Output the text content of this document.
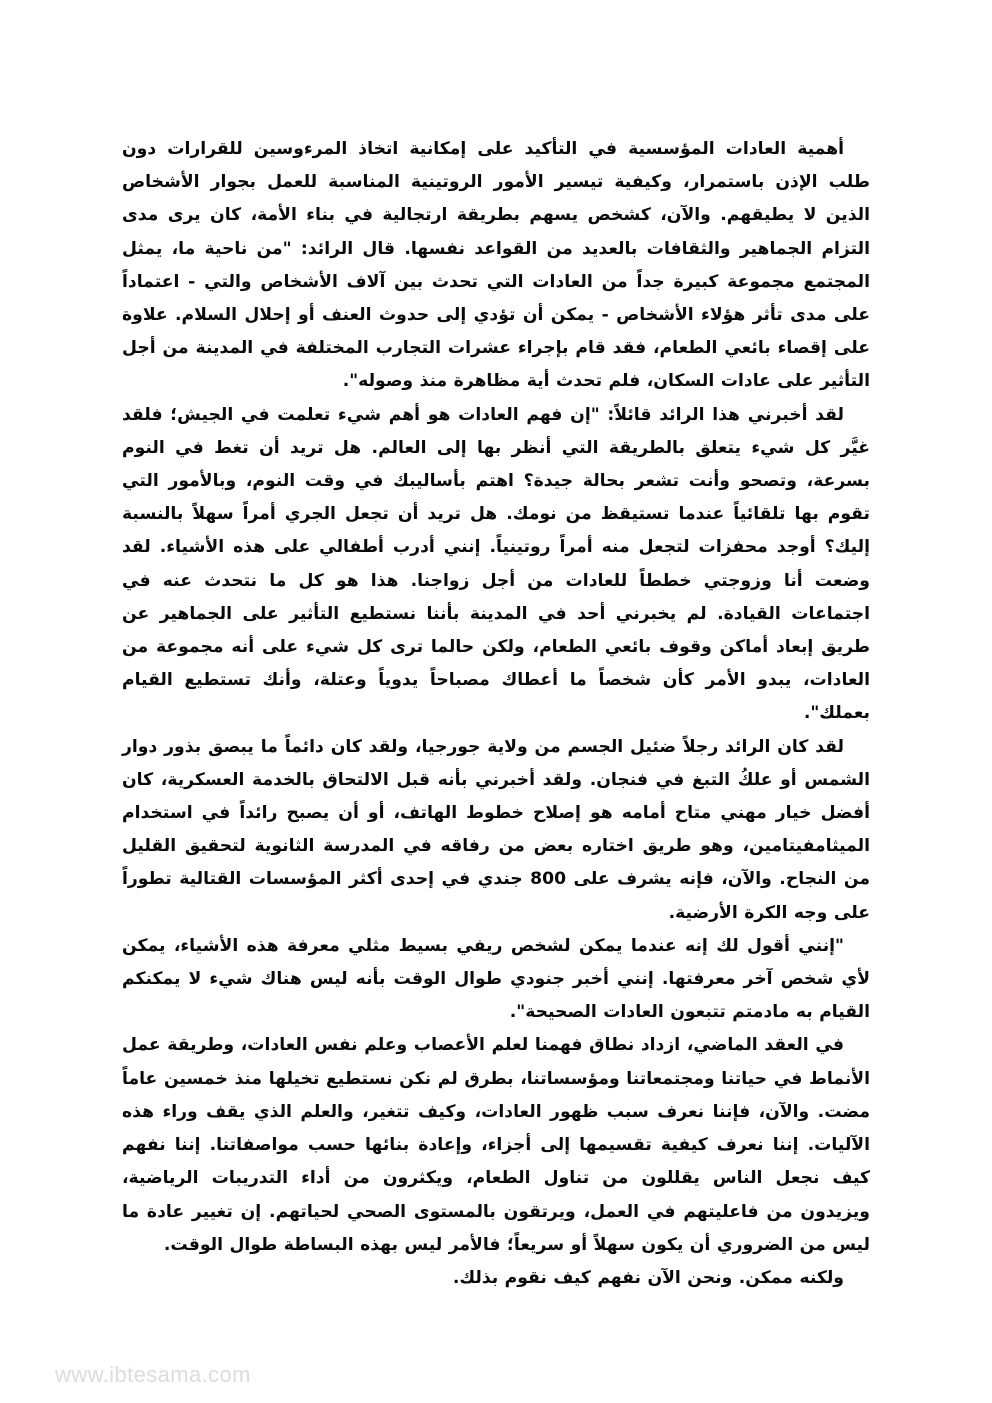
أهمية العادات المؤسسية في التأكيد على إمكانية اتخاذ المرءوسين للقرارات دون طلب الإذن باستمرار، وكيفية تيسير الأمور الروتينية المناسبة للعمل بجوار الأشخاص الذين لا يطيقهم. والآن، كشخص يسهم بطريقة ارتجالية في بناء الأمة، كان يرى مدى التزام الجماهير والثقافات بالعديد من القواعد نفسها. قال الرائد: "من ناحية ما، يمثل المجتمع مجموعة كبيرة جداً من العادات التي تحدث بين آلاف الأشخاص والتي - اعتماداً على مدى تأثر هؤلاء الأشخاص - يمكن أن تؤدي إلى حدوث العنف أو إحلال السلام. علاوة على إقصاء بائعي الطعام، فقد قام بإجراء عشرات التجارب المختلفة في المدينة من أجل التأثير على عادات السكان، فلم تحدث أية مظاهرة منذ وصوله".

لقد أخبرني هذا الرائد قائلاً: "إن فهم العادات هو أهم شيء تعلمت في الجيش؛ فلقد غيَّر كل شيء يتعلق بالطريقة التي أنظر بها إلى العالم. هل تريد أن تغط في النوم بسرعة، وتصحو وأنت تشعر بحالة جيدة؟ اهتم بأساليبك في وقت النوم، وبالأمور التي تقوم بها تلقائياً عندما تستيقظ من نومك. هل تريد أن تجعل الجري أمراً سهلاً بالنسبة إليك؟ أوجد محفزات لتجعل منه أمراً روتينياً. إنني أدرب أطفالي على هذه الأشياء. لقد وضعت أنا وزوجتي خططاً للعادات من أجل زواجنا. هذا هو كل ما نتحدث عنه في اجتماعات القيادة. لم يخبرني أحد في المدينة بأننا نستطيع التأثير على الجماهير عن طريق إبعاد أماكن وقوف بائعي الطعام، ولكن حالما ترى كل شيء على أنه مجموعة من العادات، يبدو الأمر كأن شخصاً ما أعطاك مصباحاً يدوياً وعتلة، وأنك تستطيع القيام بعملك".

لقد كان الرائد رجلاً ضئيل الجسم من ولاية جورجيا، ولقد كان دائماً ما يبصق بذور دوار الشمس أو علكُ التبغ في فنجان. ولقد أخبرني بأنه قبل الالتحاق بالخدمة العسكرية، كان أفضل خيار مهني متاح أمامه هو إصلاح خطوط الهاتف، أو أن يصبح رائداً في استخدام الميثامفيتامين، وهو طريق اختاره بعض من رفاقه في المدرسة الثانوية لتحقيق القليل من النجاح. والآن، فإنه يشرف على 800 جندي في إحدى أكثر المؤسسات القتالية تطوراً على وجه الكرة الأرضية.

"إنني أقول لك إنه عندما يمكن لشخص ريفي بسيط مثلي معرفة هذه الأشياء، يمكن لأي شخص آخر معرفتها. إنني أخبر جنودي طوال الوقت بأنه ليس هناك شيء لا يمكنكم القيام به مادمتم تتبعون العادات الصحيحة".

في العقد الماضي، ازداد نطاق فهمنا لعلم الأعصاب وعلم نفس العادات، وطريقة عمل الأنماط في حياتنا ومجتمعاتنا ومؤسساتنا، بطرق لم نكن نستطيع تخيلها منذ خمسين عاماً مضت. والآن، فإننا نعرف سبب ظهور العادات، وكيف تتغير، والعلم الذي يقف وراء هذه الآليات. إننا نعرف كيفية تقسيمها إلى أجزاء، وإعادة بنائها حسب مواصفاتنا. إننا نفهم كيف نجعل الناس يقللون من تناول الطعام، ويكثرون من أداء التدريبات الرياضية، ويزيدون من فاعليتهم في العمل، ويرتقون بالمستوى الصحي لحياتهم. إن تغيير عادة ما ليس من الضروري أن يكون سهلاً أو سريعاً؛ فالأمر ليس بهذه البساطة طوال الوقت.

ولكنه ممكن. ونحن الآن نفهم كيف نقوم بذلك.

www.ibtesama.com
